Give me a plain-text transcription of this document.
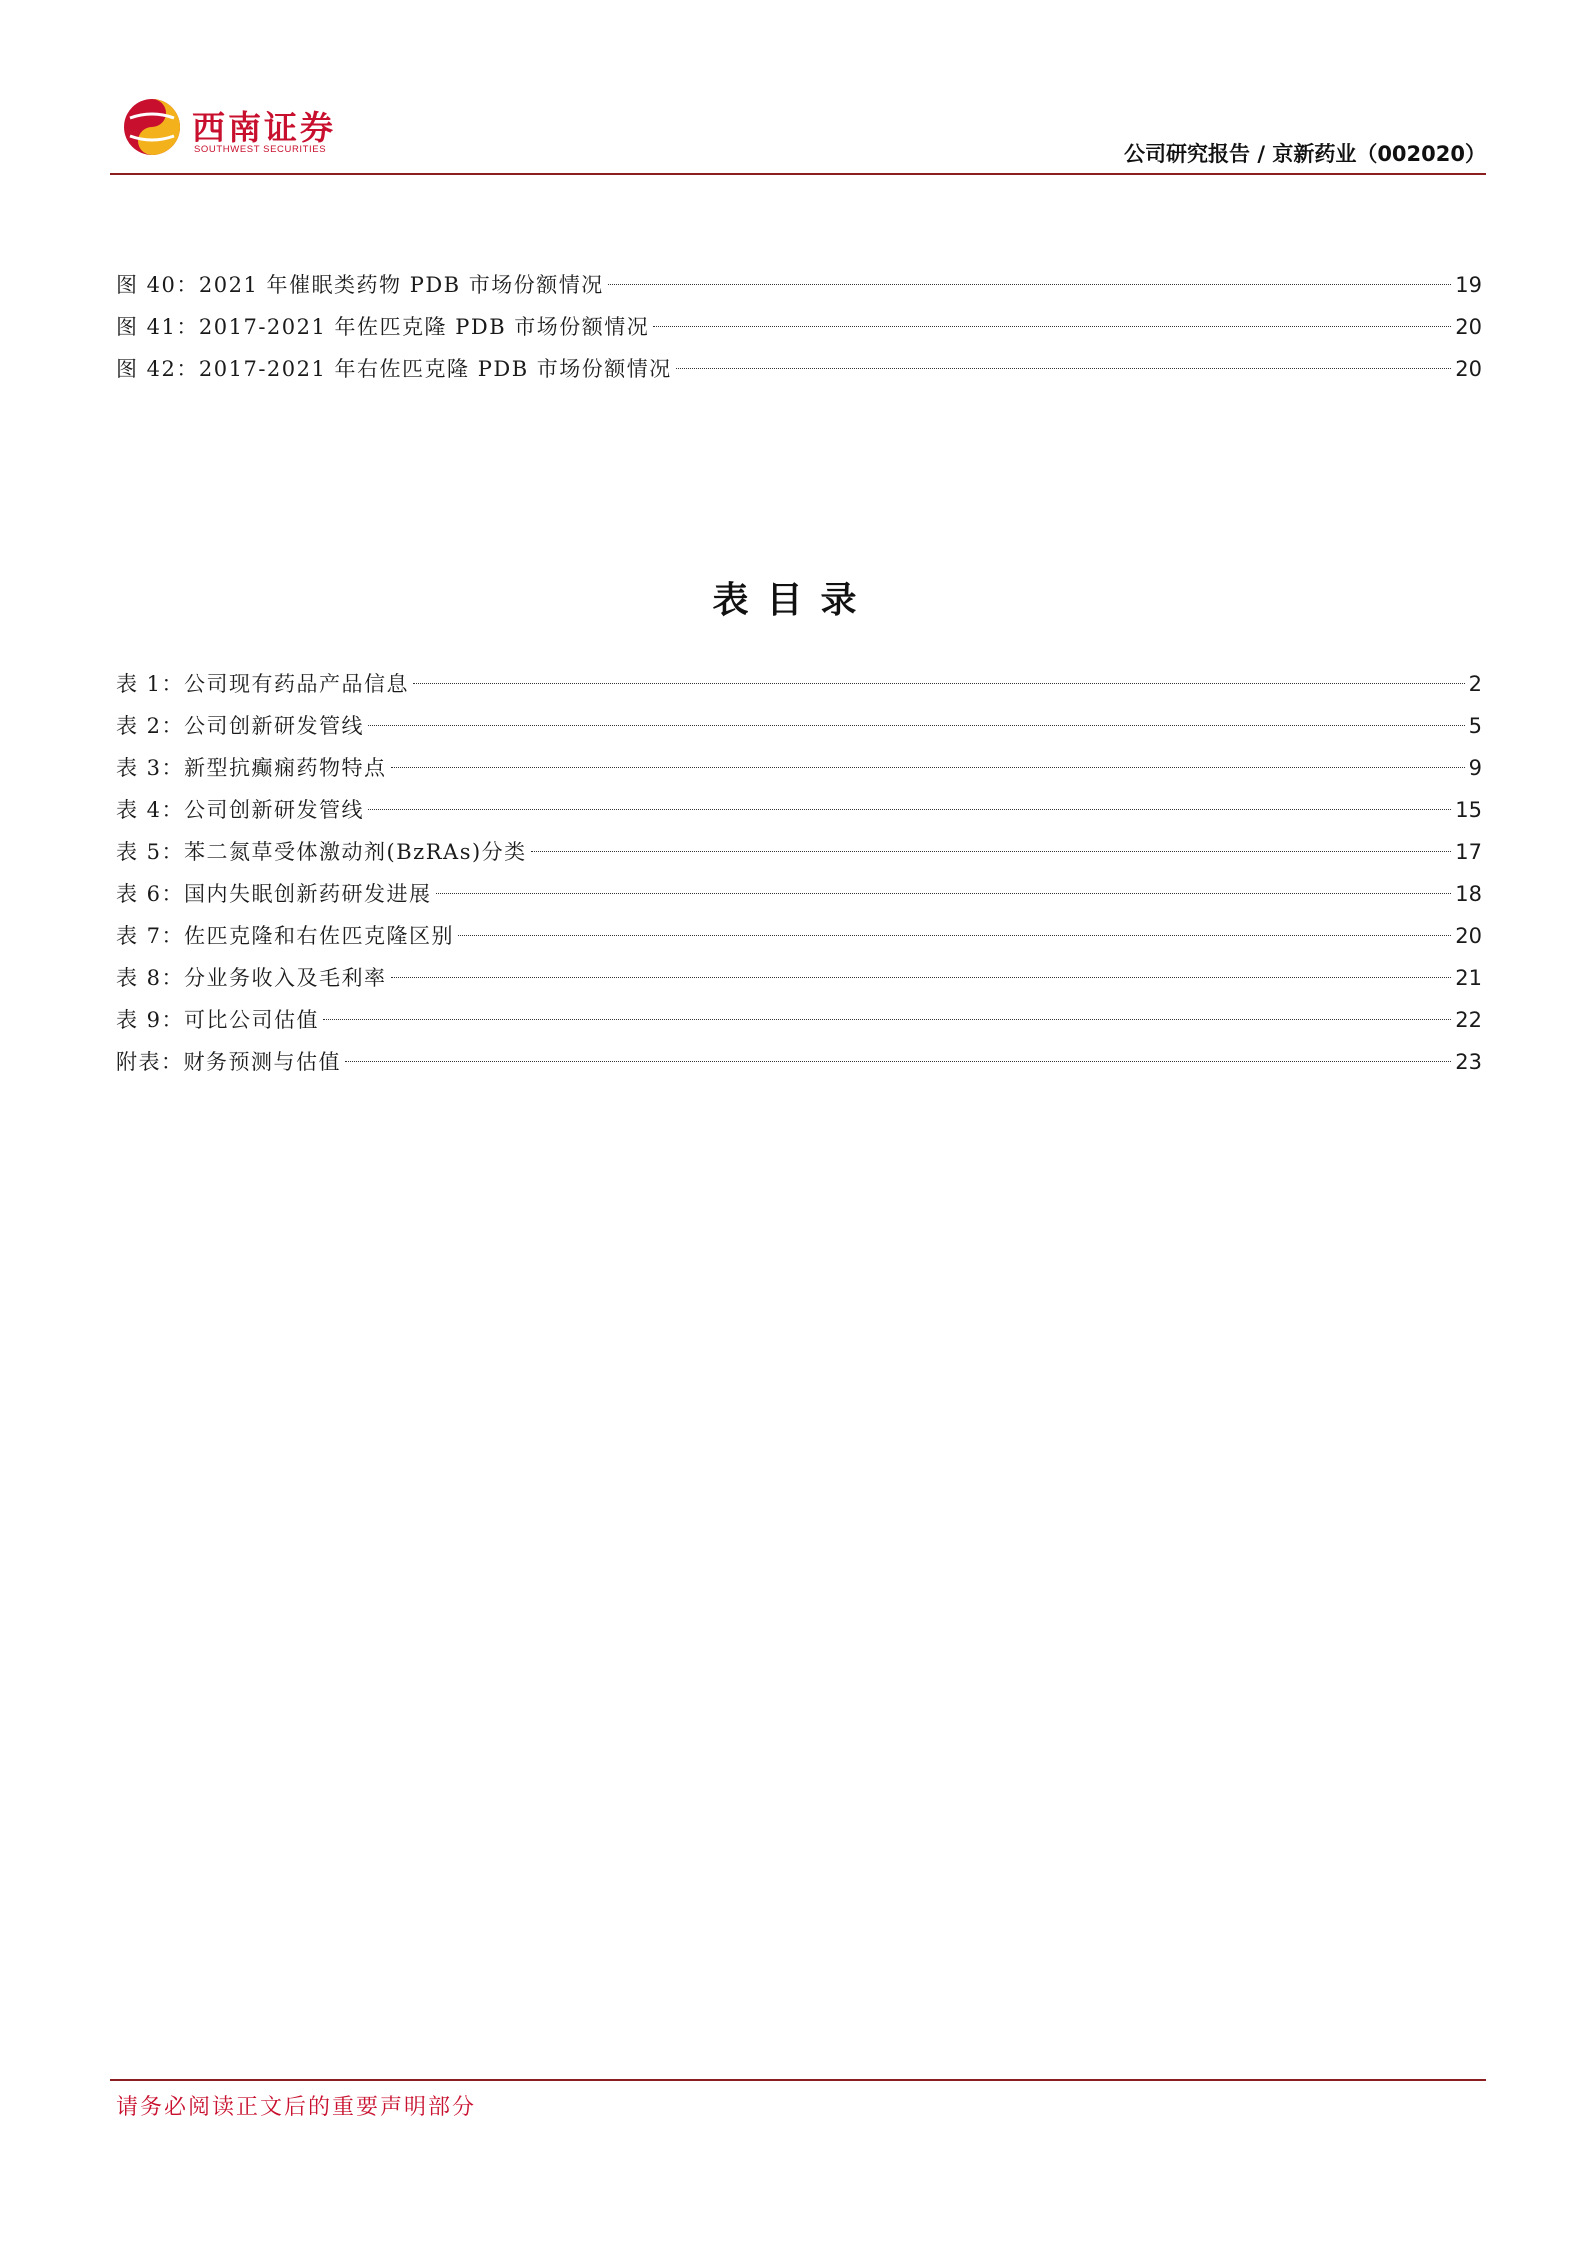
西南证券
SOUTHWEST SECURITIES	公司研究报告 / 京新药业（002020）
图 40：2021 年催眠类药物 PDB 市场份额情况	19
图 41：2017-2021 年佐匹克隆 PDB 市场份额情况	20
图 42：2017-2021 年右佐匹克隆 PDB 市场份额情况	20
表目录
表 1：公司现有药品产品信息	2
表 2：公司创新研发管线	5
表 3：新型抗癫痫药物特点	9
表 4：公司创新研发管线	15
表 5：苯二氮草受体激动剂(BzRAs)分类	17
表 6：国内失眠创新药研发进展	18
表 7：佐匹克隆和右佐匹克隆区别	20
表 8：分业务收入及毛利率	21
表 9：可比公司估值	22
附表：财务预测与估值	23
请务必阅读正文后的重要声明部分
